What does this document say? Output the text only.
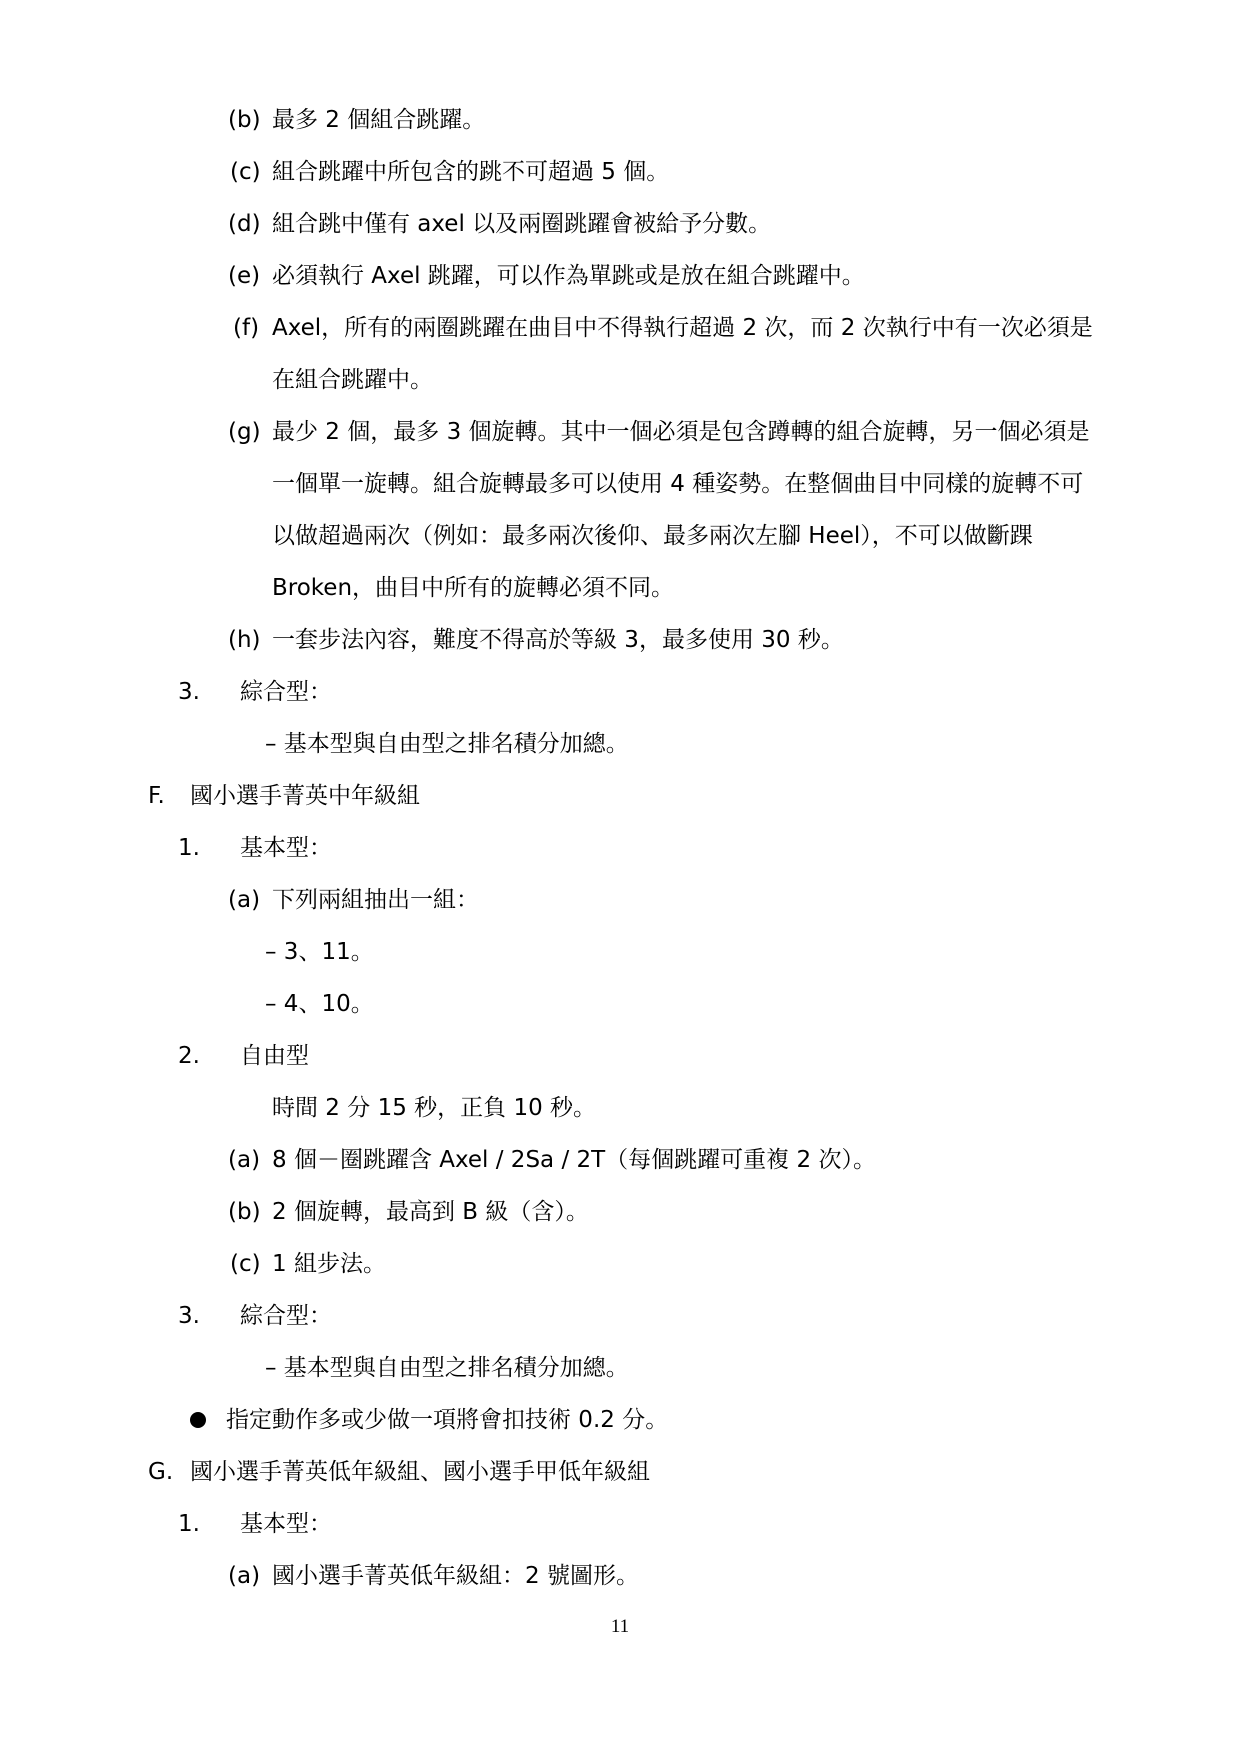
(b) 最多 2 個組合跳躍。
(c) 組合跳躍中所包含的跳不可超過 5 個。
(d) 組合跳中僅有 axel 以及兩圈跳躍會被給予分數。
(e) 必須執行 Axel 跳躍，可以作為單跳或是放在組合跳躍中。
(f) Axel，所有的兩圈跳躍在曲目中不得執行超過 2 次，而 2 次執行中有一次必須是
在組合跳躍中。
(g) 最少 2 個，最多 3 個旋轉。其中一個必須是包含蹲轉的組合旋轉，另一個必須是
一個單一旋轉。組合旋轉最多可以使用 4 種姿勢。在整個曲目中同樣的旋轉不可
以做超過兩次（例如：最多兩次後仰、最多兩次左腳 Heel），不可以做斷踝
Broken，曲目中所有的旋轉必須不同。
(h) 一套步法內容，難度不得高於等級 3，最多使用 30 秒。
3. 綜合型：
– 基本型與自由型之排名積分加總。
F. 國小選手菁英中年級組
1. 基本型：
(a) 下列兩組抽出一組：
– 3、11。
– 4、10。
2. 自由型
時間 2 分 15 秒，正負 10 秒。
(a) 8 個－圈跳躍含 Axel / 2Sa / 2T（每個跳躍可重複 2 次）。
(b) 2 個旋轉，最高到 B 級（含）。
(c) 1 組步法。
3. 綜合型：
– 基本型與自由型之排名積分加總。
指定動作多或少做一項將會扣技術 0.2 分。
G. 國小選手菁英低年級組、國小選手甲低年級組
1. 基本型：
(a) 國小選手菁英低年級組：2 號圖形。
11
